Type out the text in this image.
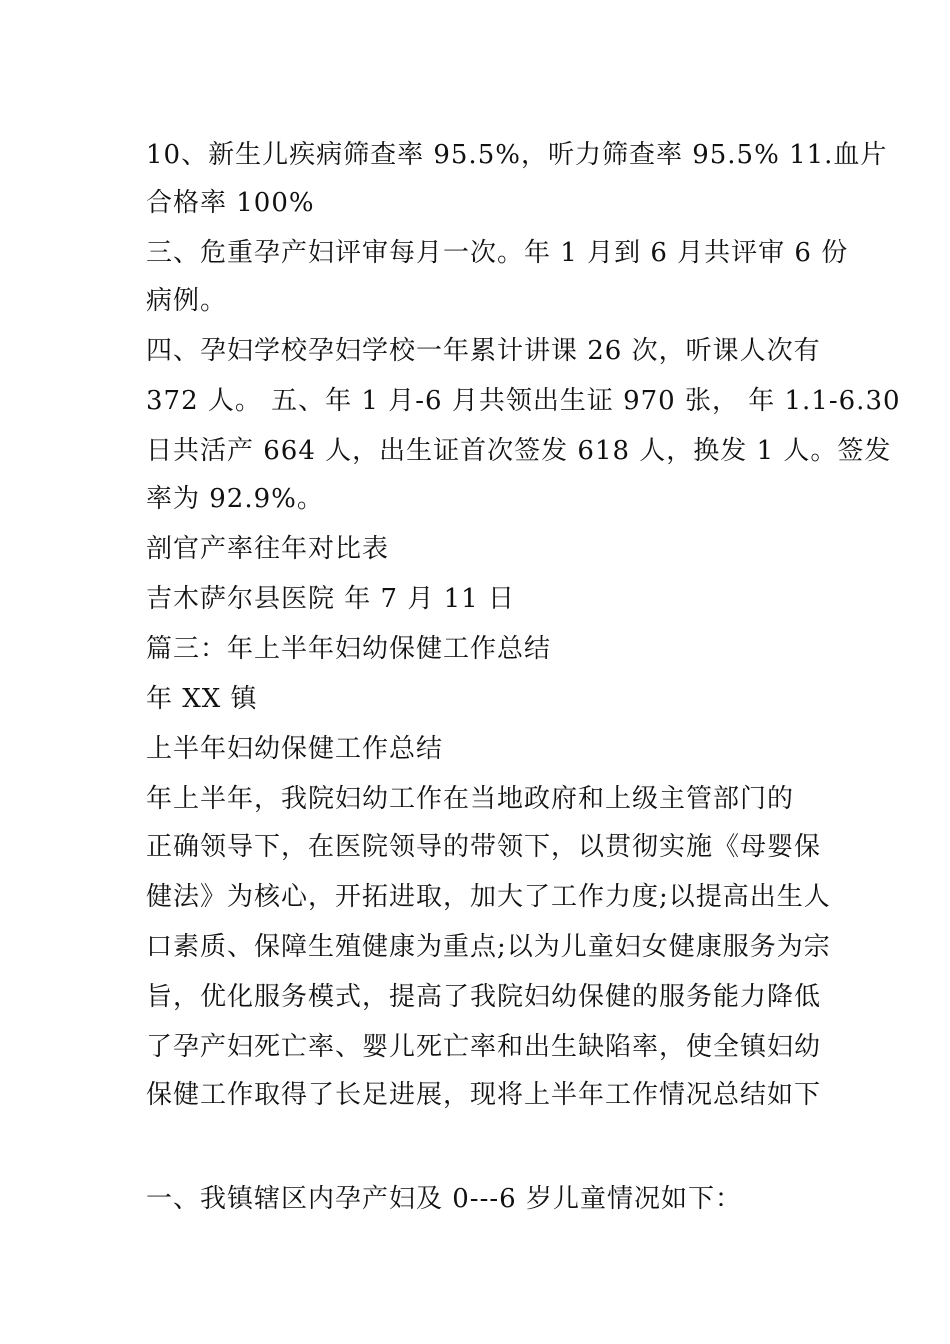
10、新生儿疾病筛查率 95.5%，听力筛查率 95.5% 11.血片
合格率 100%
三、危重孕产妇评审每月一次。年 1 月到 6 月共评审 6 份
病例。
四、孕妇学校孕妇学校一年累计讲课 26 次，听课人次有
372 人。 五、年 1 月-6 月共领出生证 970 张， 年 1.1-6.30
日共活产 664 人，出生证首次签发 618 人，换发 1 人。签发
率为 92.9%。
剖官产率往年对比表
吉木萨尔县医院 年 7 月 11 日
篇三：年上半年妇幼保健工作总结
年 XX 镇
上半年妇幼保健工作总结
年上半年，我院妇幼工作在当地政府和上级主管部门的
正确领导下，在医院领导的带领下，以贯彻实施《母婴保
健法》为核心，开拓进取，加大了工作力度;以提高出生人
口素质、保障生殖健康为重点;以为儿童妇女健康服务为宗
旨，优化服务模式，提高了我院妇幼保健的服务能力降低
了孕产妇死亡率、婴儿死亡率和出生缺陷率，使全镇妇幼
保健工作取得了长足进展，现将上半年工作情况总结如下
一、我镇辖区内孕产妇及 0---6 岁儿童情况如下：
